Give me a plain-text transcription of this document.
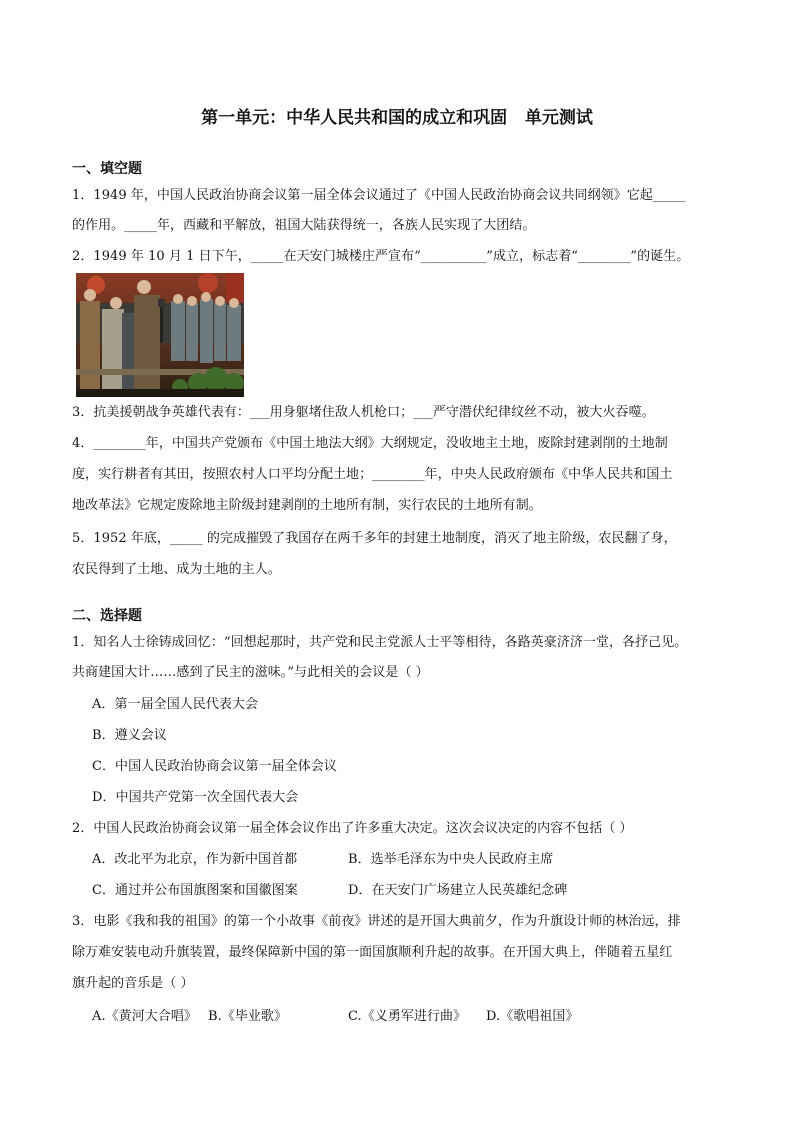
第一单元：中华人民共和国的成立和巩固   单元测试
一、填空题
1．1949 年，中国人民政治协商会议第一届全体会议通过了《中国人民政治协商会议共同纲领》它起_____
的作用。_____年，西藏和平解放，祖国大陆获得统一，各族人民实现了大团结。
2．1949 年 10 月 1 日下午，_____在天安门城楼庄严宣布“__________”成立，标志着“________”的诞生。
3．抗美援朝战争英雄代表有：___用身躯堵住敌人机枪口；___严守潜伏纪律纹丝不动，被大火吞噬。
4．________年，中国共产党颁布《中国土地法大纲》大纲规定，没收地主土地，废除封建剥削的土地制
度，实行耕者有其田，按照农村人口平均分配土地；________年，中央人民政府颁布《中华人民共和国土
地改革法》它规定废除地主阶级封建剥削的土地所有制，实行农民的土地所有制。
5．1952 年底，_____ 的完成摧毁了我国存在两千多年的封建土地制度，消灭了地主阶级，农民翻了身，
农民得到了土地、成为土地的主人。
二、选择题
1．知名人士徐铸成回忆：“回想起那时，共产党和民主党派人士平等相待，各路英豪济济一堂，各抒己见。
共商建国大计……感到了民主的滋味。”与此相关的会议是（ ）
A．第一届全国人民代表大会
B．遵义会议
C．中国人民政治协商会议第一届全体会议
D．中国共产党第一次全国代表大会
2．中国人民政治协商会议第一届全体会议作出了许多重大决定。这次会议决定的内容不包括（ ）
A．改北平为北京，作为新中国首都	B．选举毛泽东为中央人民政府主席
C．通过并公布国旗图案和国徽图案	D．在天安门广场建立人民英雄纪念碑
3．电影《我和我的祖国》的第一个小故事《前夜》讲述的是开国大典前夕，作为升旗设计师的林治远，排
除万难安装电动升旗装置，最终保障新中国的第一面国旗顺利升起的故事。在开国大典上，伴随着五星红
旗升起的音乐是（ ）
A.《黄河大合唱》 B.《毕业歌》	C.《义勇军进行曲》 D.《歌唱祖国》
